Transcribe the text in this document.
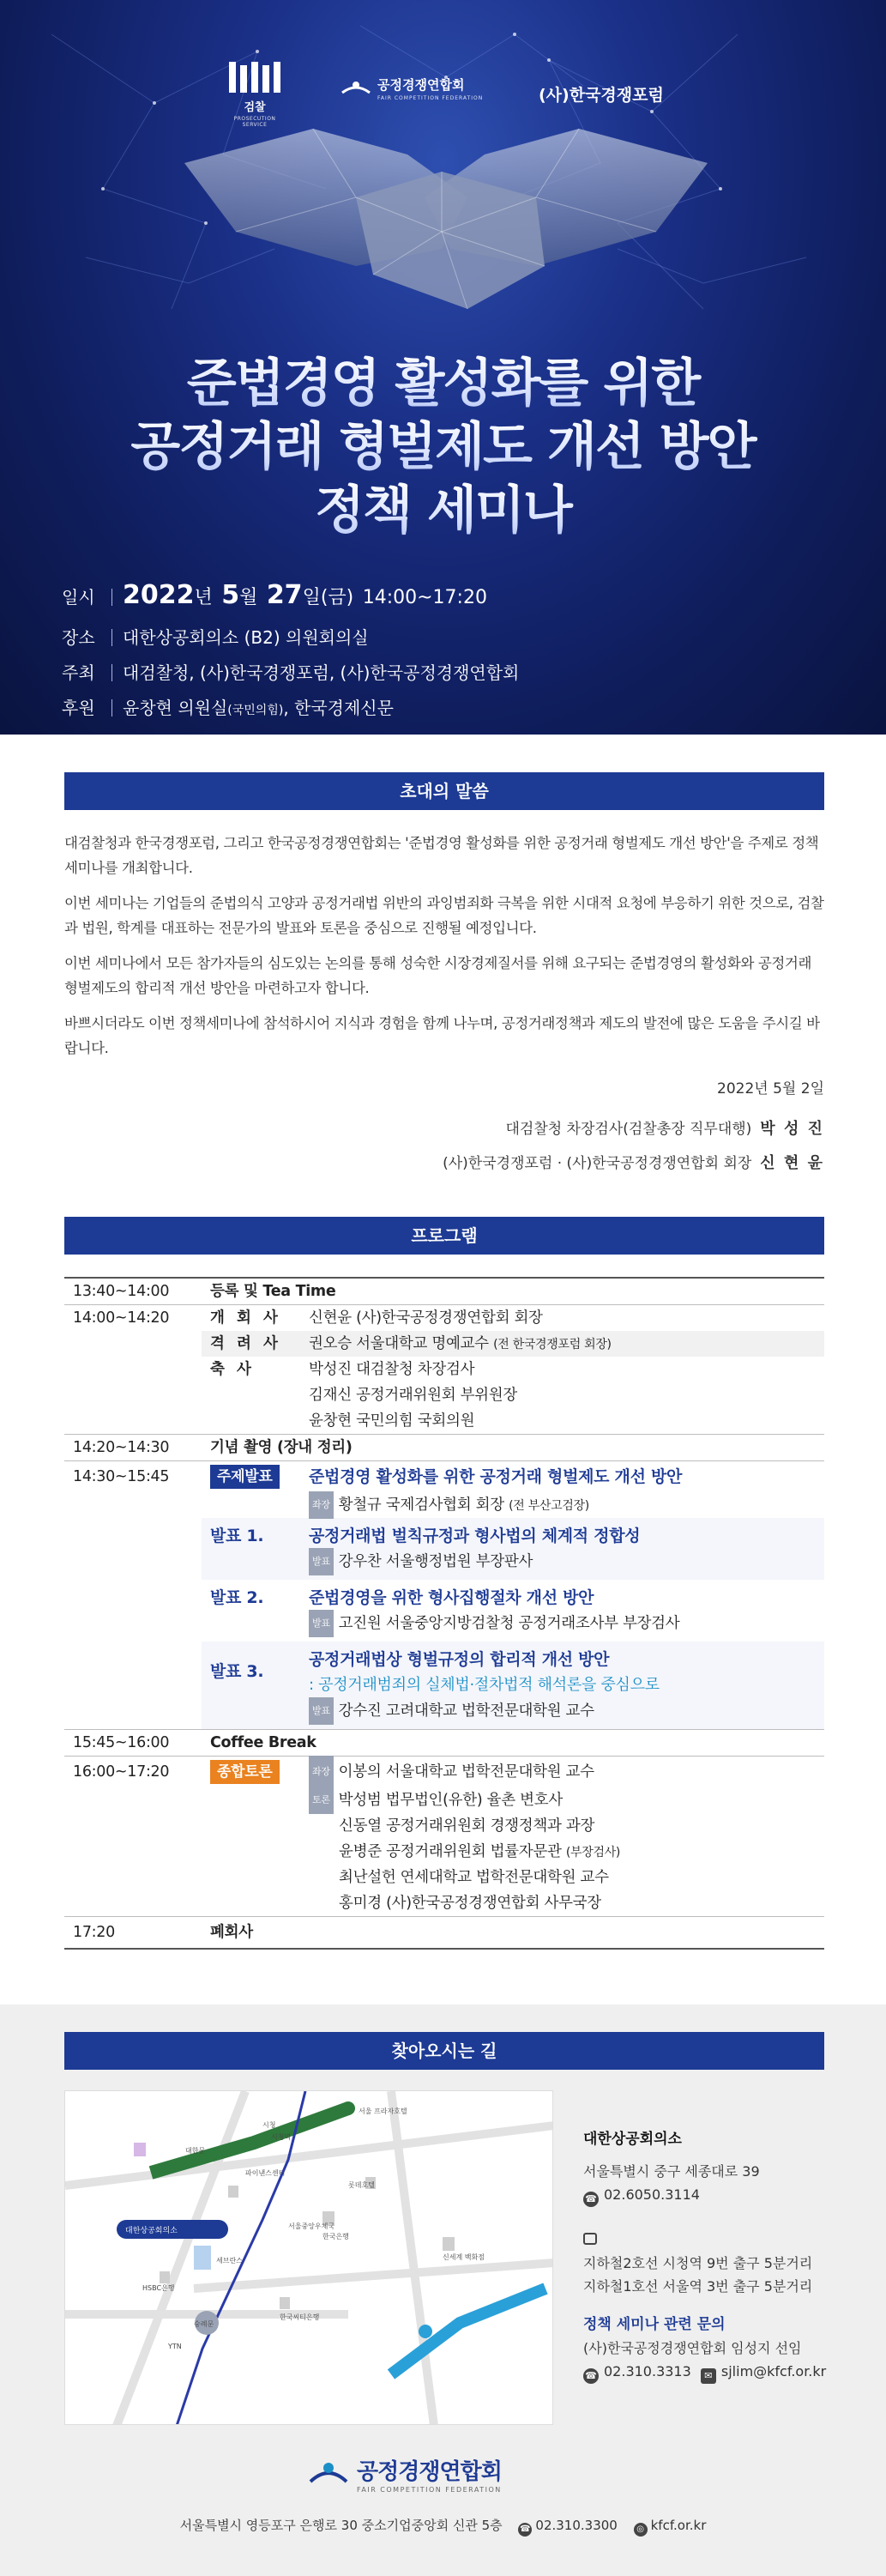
검찰
PROSECUTION SERVICE
공정경쟁연합회
FAIR COMPETITION FEDERATION	(사)한국경쟁포럼
준법경영 활성화를 위한
공정거래 형벌제도 개선 방안
정책 세미나
일시	2022년 5월 27일(금) 14:00~17:20
장소	대한상공회의소 (B2) 의원회의실
주최	대검찰청, (사)한국경쟁포럼, (사)한국공정경쟁연합회
후원	윤창현 의원실(국민의힘), 한국경제신문
초대의 말씀

대검찰청과 한국경쟁포럼, 그리고 한국공정경쟁연합회는 '준법경영 활성화를 위한 공정거래 형벌제도 개선 방안'을 주제로 정책세미나를 개최합니다.

이번 세미나는 기업들의 준법의식 고양과 공정거래법 위반의 과잉범죄화 극복을 위한 시대적 요청에 부응하기 위한 것으로, 검찰과 법원, 학계를 대표하는 전문가의 발표와 토론을 중심으로 진행될 예정입니다.

이번 세미나에서 모든 참가자들의 심도있는 논의를 통해 성숙한 시장경제질서를 위해 요구되는 준법경영의 활성화와 공정거래 형벌제도의 합리적 개선 방안을 마련하고자 합니다.

바쁘시더라도 이번 정책세미나에 참석하시어 지식과 경험을 함께 나누며, 공정거래정책과 제도의 발전에 많은 도움을 주시길 바랍니다.

2022년 5월 2일
대검찰청 차장검사(검찰총장 직무대행) 박 성 진
(사)한국경쟁포럼 · (사)한국공정경쟁연합회 회장 신 현 윤
프로그램
13:40~14:00	등록 및 Tea Time
14:00~14:20	개 회 사 신현윤 (사)한국공정경쟁연합회 회장
격 려 사 권오승 서울대학교 명예교수 (전 한국경쟁포럼 회장)
축 사	박성진 대검찰청 차장검사
김재신 공정거래위원회 부위원장
윤창현 국민의힘 국회의원
14:20~14:30	기념 촬영 (장내 정리)
14:30~15:45	주제발표	준법경영 활성화를 위한 공정거래 형벌제도 개선 방안
좌장 황철규 국제검사협회 회장 (전 부산고검장)
발표 1.	공정거래법 벌칙규정과 형사법의 체계적 정합성
발표 강우찬 서울행정법원 부장판사
발표 2.	준법경영을 위한 형사집행절차 개선 방안
발표 고진원 서울중앙지방검찰청 공정거래조사부 부장검사
발표 3.
공정거래법상 형벌규정의 합리적 개선 방안
: 공정거래범죄의 실체법·절차법적 해석론을 중심으로
발표 강수진 고려대학교 법학전문대학원 교수
15:45~16:00	Coffee Break
16:00~17:20	종합토론	좌장 이봉의 서울대학교 법학전문대학원 교수
토론 박성범 법무법인(유한) 율촌 변호사
신동열 공정거래위원회 경쟁정책과 과장
윤병준 공정거래위원회 법률자문관 (부장검사)
최난설헌 연세대학교 법학전문대학원 교수
홍미경 (사)한국공정경쟁연합회 사무국장
17:20	폐회사
찾아오시는 길
서울 프라자호텔
대한문
시청역
파이낸스센터
서울중앙우체국
한국은행
신세계 백화점
대한상공회의소
YTN
HSBC은행
세브란스
숭례문
시청
롯데호텔
한국씨티은행
대한상공회의소
서울특별시 중구 세종대로 39
☎ 02.6050.3114
지하철2호선 시청역 9번 출구 5분거리
지하철1호선 서울역 3번 출구 5분거리
정책 세미나 관련 문의
(사)한국공정경쟁연합회 임성지 선임
☎ 02.310.3313 ✉ sjlim@kfcf.or.kr
공정경쟁연합회
FAIR COMPETITION FEDERATION
서울특별시 영등포구 은행로 30 중소기업중앙회 신관 5층 ☎ 02.310.3300 ◎ kfcf.or.kr
